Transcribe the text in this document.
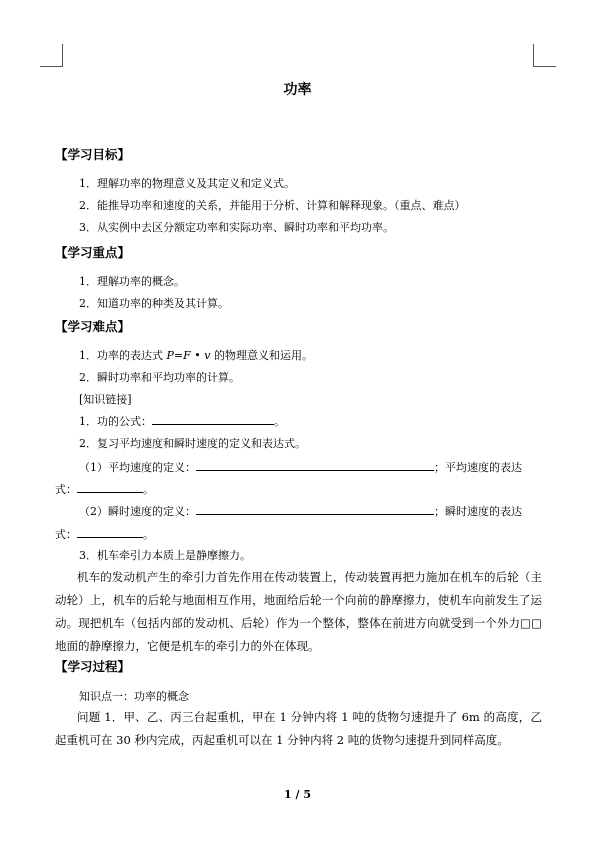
功率
【学习目标】
1．理解功率的物理意义及其定义和定义式。
2．能推导功率和速度的关系，并能用于分析、计算和解释现象。（重点、难点）
3．从实例中去区分额定功率和实际功率、瞬时功率和平均功率。
【学习重点】
1．理解功率的概念。
2．知道功率的种类及其计算。
【学习难点】
1．功率的表达式 P=F • v 的物理意义和运用。
2．瞬时功率和平均功率的计算。
[知识链接]
1．功的公式：	。
2．复习平均速度和瞬时速度的定义和表达式。
（1）平均速度的定义：	；平均速度的表达
式：	。
（2）瞬时速度的定义：	；瞬时速度的表达
式：	。
3．机车牵引力本质上是静摩擦力。
机车的发动机产生的牵引力首先作用在传动装置上，传动装置再把力施加在机车的后轮（主动轮）上，机车的后轮与地面相互作用，地面给后轮一个向前的静摩擦力，使机车向前发生了运动。现把机车（包括内部的发动机、后轮）作为一个整体，整体在前进方向就受到一个外力□□地面的静摩擦力，它便是机车的牵引力的外在体现。
【学习过程】
知识点一：功率的概念
问题 1．甲、乙、丙三台起重机，甲在 1 分钟内将 1 吨的货物匀速提升了 6m 的高度，乙起重机可在 30 秒内完成，丙起重机可以在 1 分钟内将 2 吨的货物匀速提升到同样高度。
1 / 5
